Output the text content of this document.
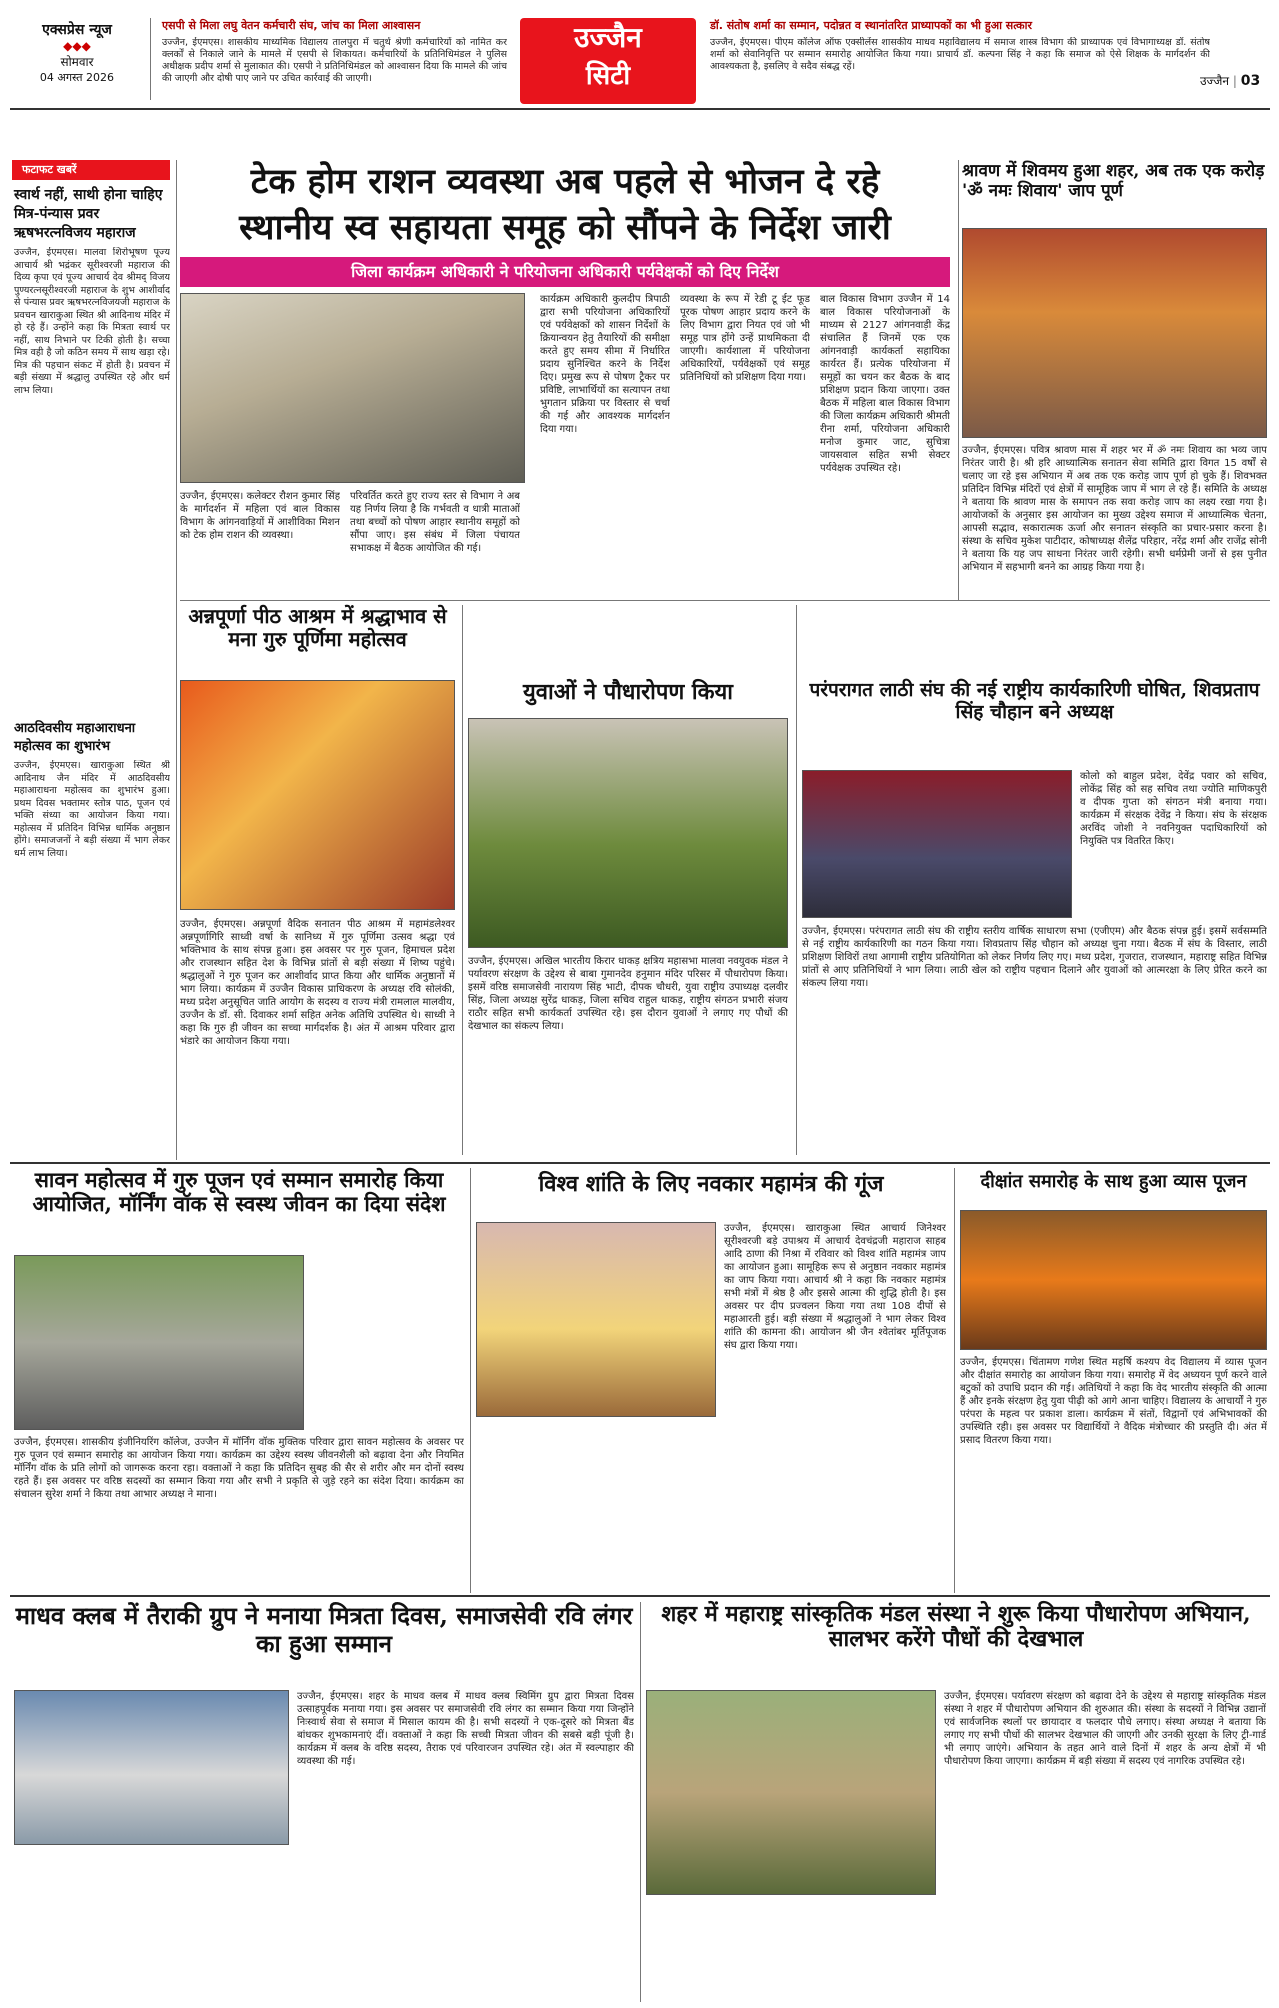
एक्सप्रेस न्यूज
◆◆◆
सोमवार
04 अगस्त 2026
एसपी से मिला लघु वेतन कर्मचारी संघ, जांच का मिला आश्वासन
उज्जैन, ईएमएस। शासकीय माध्यमिक विद्यालय तालपुरा में चतुर्थ श्रेणी कर्मचारियों को नामित कर क्लर्कों से निकाले जाने के मामले में एसपी से शिकायत। कर्मचारियों के प्रतिनिधिमंडल ने पुलिस अधीक्षक प्रदीप शर्मा से मुलाकात की। एसपी ने प्रतिनिधिमंडल को आश्वासन दिया कि मामले की जांच की जाएगी और दोषी पाए जाने पर उचित कार्रवाई की जाएगी।
उज्जैन
सिटी
डॉ. संतोष शर्मा का सम्मान, पदोन्नत व स्थानांतरित प्राध्यापकों का भी हुआ सत्कार
उज्जैन, ईएमएस। पीएम कॉलेज ऑफ एक्सीलेंस शासकीय माधव महाविद्यालय में समाज शास्त्र विभाग की प्राध्यापक एवं विभागाध्यक्ष डॉ. संतोष शर्मा को सेवानिवृत्ति पर सम्मान समारोह आयोजित किया गया। प्राचार्य डॉ. कल्पना सिंह ने कहा कि समाज को ऐसे शिक्षक के मार्गदर्शन की आवश्यकता है, इसलिए वे सदैव संबद्ध रहें।
उज्जैन | 03
फटाफट खबरें
स्वार्थ नहीं, साथी होना चाहिए मित्र-पंन्यास प्रवर ऋषभरत्नविजय महाराज
उज्जैन, ईएमएस। मालवा शिरोभूषण पूज्य आचार्य श्री भद्रंकर सूरीश्वरजी महाराज की दिव्य कृपा एवं पूज्य आचार्य देव श्रीमद् विजय पुण्यरत्नसूरीश्वरजी महाराज के शुभ आशीर्वाद से पंन्यास प्रवर ऋषभरत्नविजयजी महाराज के प्रवचन खाराकुआ स्थित श्री आदिनाथ मंदिर में हो रहे हैं। उन्होंने कहा कि मित्रता स्वार्थ पर नहीं, साथ निभाने पर टिकी होती है। सच्चा मित्र वही है जो कठिन समय में साथ खड़ा रहे। मित्र की पहचान संकट में होती है। प्रवचन में बड़ी संख्या में श्रद्धालु उपस्थित रहे और धर्म लाभ लिया।
आठदिवसीय महाआराधना महोत्सव का शुभारंभ
उज्जैन, ईएमएस। खाराकुआ स्थित श्री आदिनाथ जैन मंदिर में आठदिवसीय महाआराधना महोत्सव का शुभारंभ हुआ। प्रथम दिवस भक्तामर स्तोत्र पाठ, पूजन एवं भक्ति संध्या का आयोजन किया गया। महोत्सव में प्रतिदिन विभिन्न धार्मिक अनुष्ठान होंगे। समाजजनों ने बड़ी संख्या में भाग लेकर धर्म लाभ लिया।
टेक होम राशन व्यवस्था अब पहले से भोजन दे रहे
स्थानीय स्व सहायता समूह को सौंपने के निर्देश जारी
जिला कार्यक्रम अधिकारी ने परियोजना अधिकारी पर्यवेक्षकों को दिए निर्देश
उज्जैन, ईएमएस। कलेक्टर रौशन कुमार सिंह के मार्गदर्शन में महिला एवं बाल विकास विभाग के आंगनवाड़ियों में आशीविका मिशन को टेक होम राशन की व्यवस्था।
परिवर्तित करते हुए राज्य स्तर से विभाग ने अब यह निर्णय लिया है कि गर्भवती व धात्री माताओं तथा बच्चों को पोषण आहार स्थानीय समूहों को सौंपा जाए। इस संबंध में जिला पंचायत सभाकक्ष में बैठक आयोजित की गई।
कार्यक्रम अधिकारी कुलदीप त्रिपाठी द्वारा सभी परियोजना अधिकारियों एवं पर्यवेक्षकों को शासन निर्देशों के क्रियान्वयन हेतु तैयारियों की समीक्षा करते हुए समय सीमा में निर्धारित प्रदाय सुनिश्चित करने के निर्देश दिए। प्रमुख रूप से पोषण ट्रैकर पर प्रविष्टि, लाभार्थियों का सत्यापन तथा भुगतान प्रक्रिया पर विस्तार से चर्चा की गई और आवश्यक मार्गदर्शन दिया गया।
व्यवस्था के रूप में रेडी टू ईट फूड पूरक पोषण आहार प्रदाय करने के लिए विभाग द्वारा नियत एवं जो भी समूह पात्र होंगे उन्हें प्राथमिकता दी जाएगी। कार्यशाला में परियोजना अधिकारियों, पर्यवेक्षकों एवं समूह प्रतिनिधियों को प्रशिक्षण दिया गया।
बाल विकास विभाग उज्जैन में 14 बाल विकास परियोजनाओं के माध्यम से 2127 आंगनवाड़ी केंद्र संचालित हैं जिनमें एक एक आंगनवाड़ी कार्यकर्ता सहायिका कार्यरत हैं। प्रत्येक परियोजना में समूहों का चयन कर बैठक के बाद प्रशिक्षण प्रदान किया जाएगा। उक्त बैठक में महिला बाल विकास विभाग की जिला कार्यक्रम अधिकारी श्रीमती रीना शर्मा, परियोजना अधिकारी मनोज कुमार जाट, सुचित्रा जायसवाल सहित सभी सेक्टर पर्यवेक्षक उपस्थित रहे।
श्रावण में शिवमय हुआ शहर, अब तक एक करोड़ 'ॐ नमः शिवाय' जाप पूर्ण
उज्जैन, ईएमएस। पवित्र श्रावण मास में शहर भर में ॐ नमः शिवाय का भव्य जाप निरंतर जारी है। श्री हरि आध्यात्मिक सनातन सेवा समिति द्वारा विगत 15 वर्षों से चलाए जा रहे इस अभियान में अब तक एक करोड़ जाप पूर्ण हो चुके हैं। शिवभक्त प्रतिदिन विभिन्न मंदिरों एवं क्षेत्रों में सामूहिक जाप में भाग ले रहे हैं। समिति के अध्यक्ष ने बताया कि श्रावण मास के समापन तक सवा करोड़ जाप का लक्ष्य रखा गया है। आयोजकों के अनुसार इस आयोजन का मुख्य उद्देश्य समाज में आध्यात्मिक चेतना, आपसी सद्भाव, सकारात्मक ऊर्जा और सनातन संस्कृति का प्रचार-प्रसार करना है। संस्था के सचिव मुकेश पाटीदार, कोषाध्यक्ष शैलेंद्र परिहार, नरेंद्र शर्मा और राजेंद्र सोनी ने बताया कि यह जप साधना निरंतर जारी रहेगी। सभी धर्मप्रेमी जनों से इस पुनीत अभियान में सहभागी बनने का आग्रह किया गया है।
अन्नपूर्णा पीठ आश्रम में श्रद्धाभाव से मना गुरु पूर्णिमा महोत्सव
उज्जैन, ईएमएस। अन्नपूर्णा वैदिक सनातन पीठ आश्रम में महामंडलेश्वर अन्नपूर्णागिरि साध्वी वर्षा के सानिध्य में गुरु पूर्णिमा उत्सव श्रद्धा एवं भक्तिभाव के साथ संपन्न हुआ। इस अवसर पर गुरु पूजन, हिमाचल प्रदेश और राजस्थान सहित देश के विभिन्न प्रांतों से बड़ी संख्या में शिष्य पहुंचे। श्रद्धालुओं ने गुरु पूजन कर आशीर्वाद प्राप्त किया और धार्मिक अनुष्ठानों में भाग लिया। कार्यक्रम में उज्जैन विकास प्राधिकरण के अध्यक्ष रवि सोलंकी, मध्य प्रदेश अनुसूचित जाति आयोग के सदस्य व राज्य मंत्री रामलाल मालवीय, उज्जैन के डॉ. सी. दिवाकर शर्मा सहित अनेक अतिथि उपस्थित थे। साध्वी ने कहा कि गुरु ही जीवन का सच्चा मार्गदर्शक है। अंत में आश्रम परिवार द्वारा भंडारे का आयोजन किया गया।
युवाओं ने पौधारोपण किया
उज्जैन, ईएमएस। अखिल भारतीय किरार धाकड़ क्षत्रिय महासभा मालवा नवयुवक मंडल ने पर्यावरण संरक्षण के उद्देश्य से बाबा गुमानदेव हनुमान मंदिर परिसर में पौधारोपण किया। इसमें वरिष्ठ समाजसेवी नारायण सिंह भाटी, दीपक चौधरी, युवा राष्ट्रीय उपाध्यक्ष दलवीर सिंह, जिला अध्यक्ष सुरेंद्र धाकड़, जिला सचिव राहुल धाकड़, राष्ट्रीय संगठन प्रभारी संजय राठौर सहित सभी कार्यकर्ता उपस्थित रहे। इस दौरान युवाओं ने लगाए गए पौधों की देखभाल का संकल्प लिया।
परंपरागत लाठी संघ की नई राष्ट्रीय कार्यकारिणी घोषित, शिवप्रताप सिंह चौहान बने अध्यक्ष
कोलो को बाहुल प्रदेश, देवेंद्र पवार को सचिव, लोकेंद्र सिंह को सह सचिव तथा ज्योति माणिकपुरी व दीपक गुप्ता को संगठन मंत्री बनाया गया। कार्यक्रम में संरक्षक देवेंद्र ने किया। संघ के संरक्षक अरविंद जोशी ने नवनियुक्त पदाधिकारियों को नियुक्ति पत्र वितरित किए।
उज्जैन, ईएमएस। परंपरागत लाठी संघ की राष्ट्रीय स्तरीय वार्षिक साधारण सभा (एजीएम) और बैठक संपन्न हुई। इसमें सर्वसम्मति से नई राष्ट्रीय कार्यकारिणी का गठन किया गया। शिवप्रताप सिंह चौहान को अध्यक्ष चुना गया। बैठक में संघ के विस्तार, लाठी प्रशिक्षण शिविरों तथा आगामी राष्ट्रीय प्रतियोगिता को लेकर निर्णय लिए गए। मध्य प्रदेश, गुजरात, राजस्थान, महाराष्ट्र सहित विभिन्न प्रांतों से आए प्रतिनिधियों ने भाग लिया। लाठी खेल को राष्ट्रीय पहचान दिलाने और युवाओं को आत्मरक्षा के लिए प्रेरित करने का संकल्प लिया गया।
सावन महोत्सव में गुरु पूजन एवं सम्मान समारोह किया आयोजित, मॉर्निंग वॉक से स्वस्थ जीवन का दिया संदेश
उज्जैन, ईएमएस। शासकीय इंजीनियरिंग कॉलेज, उज्जैन में मॉर्निंग वॉक मुक्तिक परिवार द्वारा सावन महोत्सव के अवसर पर गुरु पूजन एवं सम्मान समारोह का आयोजन किया गया। कार्यक्रम का उद्देश्य स्वस्थ जीवनशैली को बढ़ावा देना और नियमित मॉर्निंग वॉक के प्रति लोगों को जागरूक करना रहा। वक्ताओं ने कहा कि प्रतिदिन सुबह की सैर से शरीर और मन दोनों स्वस्थ रहते हैं। इस अवसर पर वरिष्ठ सदस्यों का सम्मान किया गया और सभी ने प्रकृति से जुड़े रहने का संदेश दिया। कार्यक्रम का संचालन सुरेश शर्मा ने किया तथा आभार अध्यक्ष ने माना।
विश्व शांति के लिए नवकार महामंत्र की गूंज
उज्जैन, ईएमएस। खाराकुआ स्थित आचार्य जिनेश्वर सूरीश्वरजी बड़े उपाश्रय में आचार्य देवचंद्रजी महाराज साहब आदि ठाणा की निश्रा में रविवार को विश्व शांति महामंत्र जाप का आयोजन हुआ। सामूहिक रूप से अनुष्ठान नवकार महामंत्र का जाप किया गया। आचार्य श्री ने कहा कि नवकार महामंत्र सभी मंत्रों में श्रेष्ठ है और इससे आत्मा की शुद्धि होती है। इस अवसर पर दीप प्रज्वलन किया गया तथा 108 दीपों से महाआरती हुई। बड़ी संख्या में श्रद्धालुओं ने भाग लेकर विश्व शांति की कामना की। आयोजन श्री जैन श्वेतांबर मूर्तिपूजक संघ द्वारा किया गया।
दीक्षांत समारोह के साथ हुआ व्यास पूजन
उज्जैन, ईएमएस। चिंतामण गणेश स्थित महर्षि कश्यप वेद विद्यालय में व्यास पूजन और दीक्षांत समारोह का आयोजन किया गया। समारोह में वेद अध्ययन पूर्ण करने वाले बटुकों को उपाधि प्रदान की गई। अतिथियों ने कहा कि वेद भारतीय संस्कृति की आत्मा हैं और इनके संरक्षण हेतु युवा पीढ़ी को आगे आना चाहिए। विद्यालय के आचार्यों ने गुरु परंपरा के महत्व पर प्रकाश डाला। कार्यक्रम में संतों, विद्वानों एवं अभिभावकों की उपस्थिति रही। इस अवसर पर विद्यार्थियों ने वैदिक मंत्रोच्चार की प्रस्तुति दी। अंत में प्रसाद वितरण किया गया।
माधव क्लब में तैराकी ग्रुप ने मनाया मित्रता दिवस, समाजसेवी रवि लंगर का हुआ सम्मान
उज्जैन, ईएमएस। शहर के माधव क्लब में माधव क्लब स्विमिंग ग्रुप द्वारा मित्रता दिवस उत्साहपूर्वक मनाया गया। इस अवसर पर समाजसेवी रवि लंगर का सम्मान किया गया जिन्होंने निःस्वार्थ सेवा से समाज में मिसाल कायम की है। सभी सदस्यों ने एक-दूसरे को मित्रता बैंड बांधकर शुभकामनाएं दीं। वक्ताओं ने कहा कि सच्ची मित्रता जीवन की सबसे बड़ी पूंजी है। कार्यक्रम में क्लब के वरिष्ठ सदस्य, तैराक एवं परिवारजन उपस्थित रहे। अंत में स्वल्पाहार की व्यवस्था की गई।
शहर में महाराष्ट्र सांस्कृतिक मंडल संस्था ने शुरू किया पौधारोपण अभियान, सालभर करेंगे पौधों की देखभाल
उज्जैन, ईएमएस। पर्यावरण संरक्षण को बढ़ावा देने के उद्देश्य से महाराष्ट्र सांस्कृतिक मंडल संस्था ने शहर में पौधारोपण अभियान की शुरुआत की। संस्था के सदस्यों ने विभिन्न उद्यानों एवं सार्वजनिक स्थलों पर छायादार व फलदार पौधे लगाए। संस्था अध्यक्ष ने बताया कि लगाए गए सभी पौधों की सालभर देखभाल की जाएगी और उनकी सुरक्षा के लिए ट्री-गार्ड भी लगाए जाएंगे। अभियान के तहत आने वाले दिनों में शहर के अन्य क्षेत्रों में भी पौधारोपण किया जाएगा। कार्यक्रम में बड़ी संख्या में सदस्य एवं नागरिक उपस्थित रहे।
